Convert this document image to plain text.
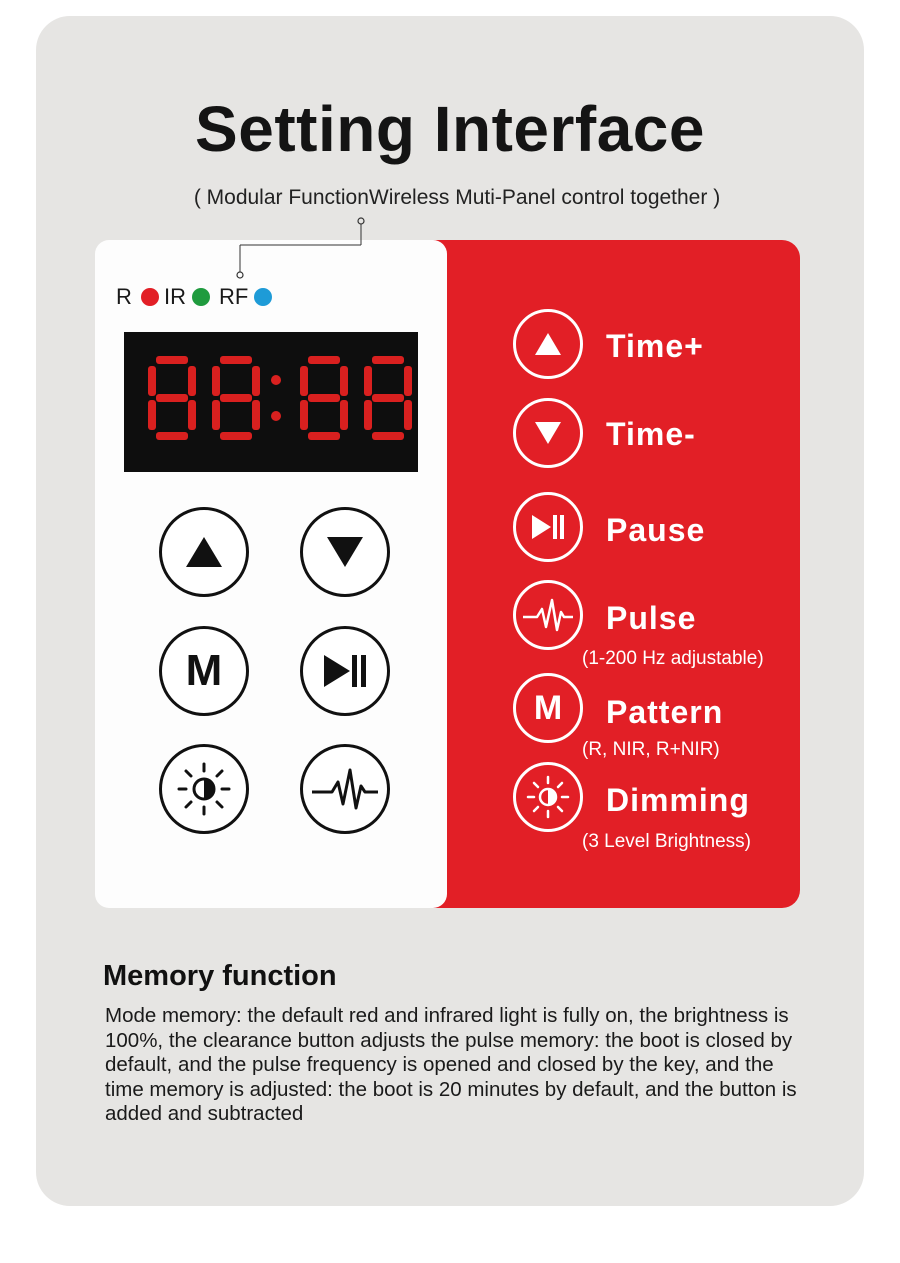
Setting Interface
( Modular FunctionWireless Muti-Panel control together )
R IR RF
M
Time+
Time-
Pause
Pulse
(1-200 Hz adjustable)
M Pattern
(R, NIR, R+NIR)
Dimming
(3 Level Brightness)
Memory function
Mode memory: the default red and infrared light is fully on, the brightness is 100%, the clearance button adjusts the pulse memory: the boot is closed by default, and the pulse frequency is opened and closed by the key, and the time memory is adjusted: the boot is 20 minutes by default, and the button is added and subtracted
